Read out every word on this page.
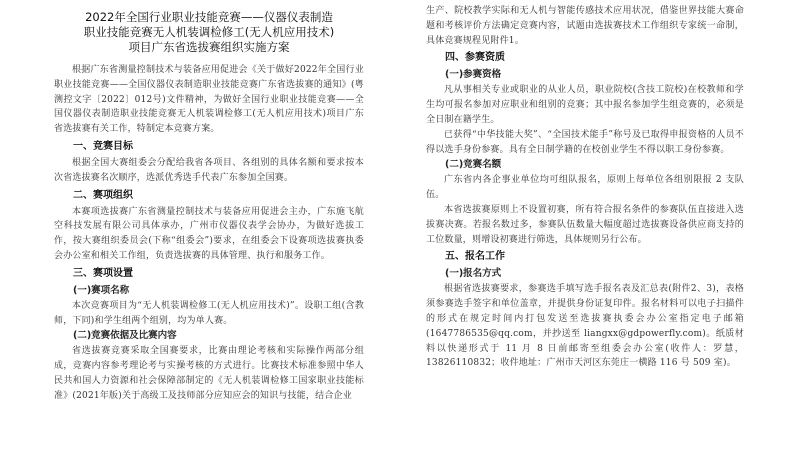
2022年全国行业职业技能竞赛——仪器仪表制造
职业技能竞赛无人机装调检修工(无人机应用技术)
项目广东省选拔赛组织实施方案

根据广东省测量控制技术与装备应用促进会《关于做好2022年全国行业职业技能竞赛——全国仪器仪表制造职业技能竞赛广东省选拔赛的通知》(粤测控文字〔2022〕012号)文件精神，为做好全国行业职业技能竞赛——全国仪器仪表制造职业技能竞赛无人机装调检修工(无人机应用技术)项目广东省选拔赛有关工作，特制定本竞赛方案。

一、竞赛目标

根据全国大赛组委会分配给我省各项目、各组别的具体名额和要求按本次省选拔赛名次顺序，选派优秀选手代表广东参加全国赛。

二、赛项组织

本赛项选拔赛广东省测量控制技术与装备应用促进会主办，广东施飞航空科技发展有限公司具体承办，广州市仪器仪表学会协办，为做好选拔工作，按大赛组织委员会(下称“组委会”)要求，在组委会下设赛项选拔赛执委会办公室和相关工作组，负责选拔赛的具体管理、执行和服务工作。

三、赛项设置
(一)赛项名称

本次竞赛项目为“无人机装调检修工(无人机应用技术)”。设职工组(含教师，下同)和学生组两个组别，均为单人赛。

(二)竞赛依据及比赛内容

省选拔赛竞赛采取全国赛要求，比赛由理论考核和实际操作两部分组成，竞赛内容参考理论考与实操考核的方式进行。比赛技术标准参照中华人民共和国人力资源和社会保障部制定的《无人机装调检修工国家职业技能标准》(2021年版)关于高级工及技师部分应知应会的知识与技能，结合企业

生产、院校教学实际和无人机与智能传感技术应用状况，借鉴世界技能大赛命题和考核评价方法确定竞赛内容，试题由选拔赛技术工作组织专家统一命制，具体竞赛规程见附件1。

四、参赛资质
(一)参赛资格

凡从事相关专业或职业的从业人员，职业院校(含技工院校)在校教师和学生均可报名参加对应职业和组别的竞赛；其中报名参加学生组竞赛的，必须是全日制在籍学生。

已获得“中华技能大奖”、“全国技术能手”称号及已取得申报资格的人员不得以选手身份参赛。具有全日制学籍的在校创业学生不得以职工身份参赛。

(二)竞赛名额

广东省内各企事业单位均可组队报名，原则上每单位各组别限报 2 支队伍。

本省选拔赛原则上不设置初赛，所有符合报名条件的参赛队伍直接进入选拔赛决赛。若报名数过多，参赛队伍数量大幅度超过选拔赛设备供应商支持的工位数量，则增设初赛进行筛选，具体规则另行公布。

五、报名工作
(一)报名方式

根据省选拔赛要求，参赛选手填写选手报名表及汇总表(附件2、3)，表格须参赛选手签字和单位盖章，并提供身份证复印件。报名材料可以电子扫描件的形式在规定时间内打包发送至选拔赛执委会办公室指定电子邮箱(1647786535@qq.com，并抄送至 liangxx@gdpowerfly.com)。纸质材料以快递形式于 11 月 8 日前邮寄至组委会办公室(收件人：罗慧，13826110832；收件地址：广州市天河区东莞庄一横路 116 号 509 室)。
